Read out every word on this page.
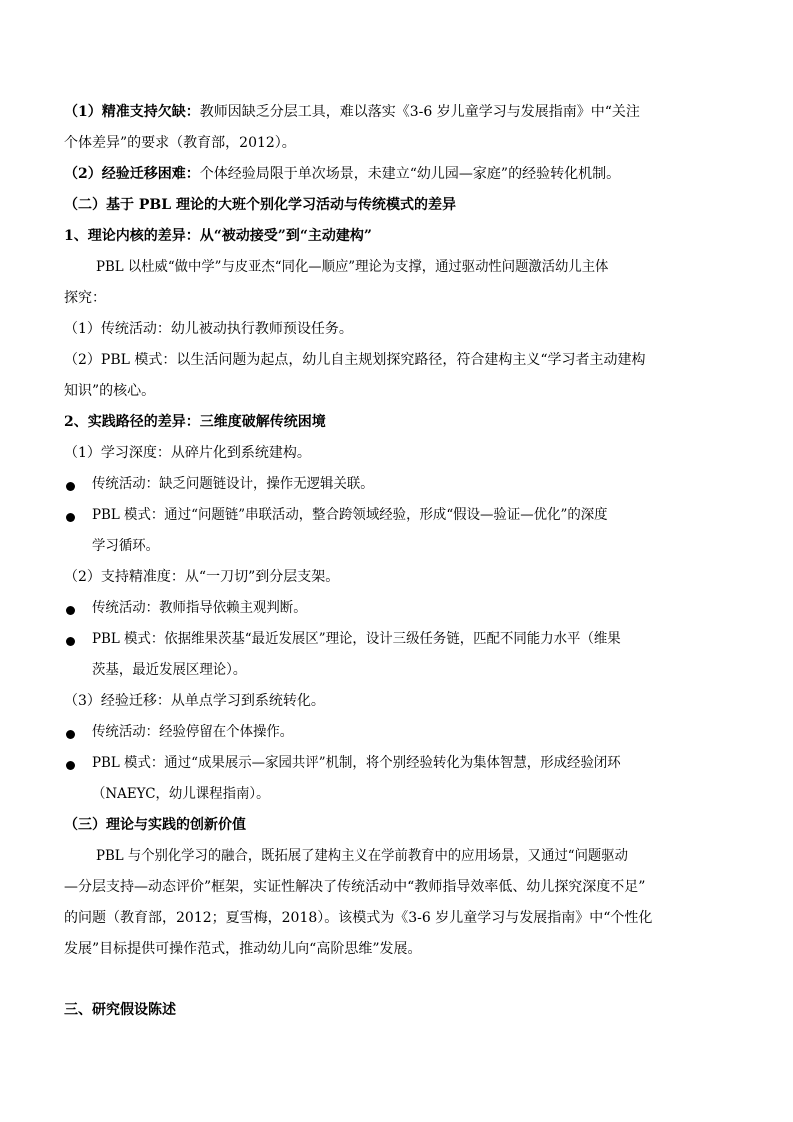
（1）精准支持欠缺：教师因缺乏分层工具，难以落实《3-6 岁儿童学习与发展指南》中“关注
个体差异”的要求（教育部，2012）。
（2）经验迁移困难：个体经验局限于单次场景，未建立“幼儿园—家庭”的经验转化机制。
（二）基于 PBL 理论的大班个别化学习活动与传统模式的差异
1、理论内核的差异：从“被动接受”到“主动建构”
PBL 以杜威“做中学”与皮亚杰“同化—顺应”理论为支撑，通过驱动性问题激活幼儿主体
探究：
（1）传统活动：幼儿被动执行教师预设任务。
（2）PBL 模式：以生活问题为起点，幼儿自主规划探究路径，符合建构主义“学习者主动建构
知识”的核心。
2、实践路径的差异：三维度破解传统困境
（1）学习深度：从碎片化到系统建构。
传统活动：缺乏问题链设计，操作无逻辑关联。
PBL 模式：通过“问题链”串联活动，整合跨领域经验，形成“假设—验证—优化”的深度
学习循环。
（2）支持精准度：从“一刀切”到分层支架。
传统活动：教师指导依赖主观判断。
PBL 模式：依据维果茨基“最近发展区”理论，设计三级任务链，匹配不同能力水平（维果
茨基，最近发展区理论）。
（3）经验迁移：从单点学习到系统转化。
传统活动：经验停留在个体操作。
PBL 模式：通过“成果展示—家园共评”机制，将个别经验转化为集体智慧，形成经验闭环
（NAEYC，幼儿课程指南）。
（三）理论与实践的创新价值
PBL 与个别化学习的融合，既拓展了建构主义在学前教育中的应用场景，又通过“问题驱动
—分层支持—动态评价”框架，实证性解决了传统活动中“教师指导效率低、幼儿探究深度不足”
的问题（教育部，2012；夏雪梅，2018）。该模式为《3-6 岁儿童学习与发展指南》中“个性化
发展”目标提供可操作范式，推动幼儿向“高阶思维”发展。
三、研究假设陈述
